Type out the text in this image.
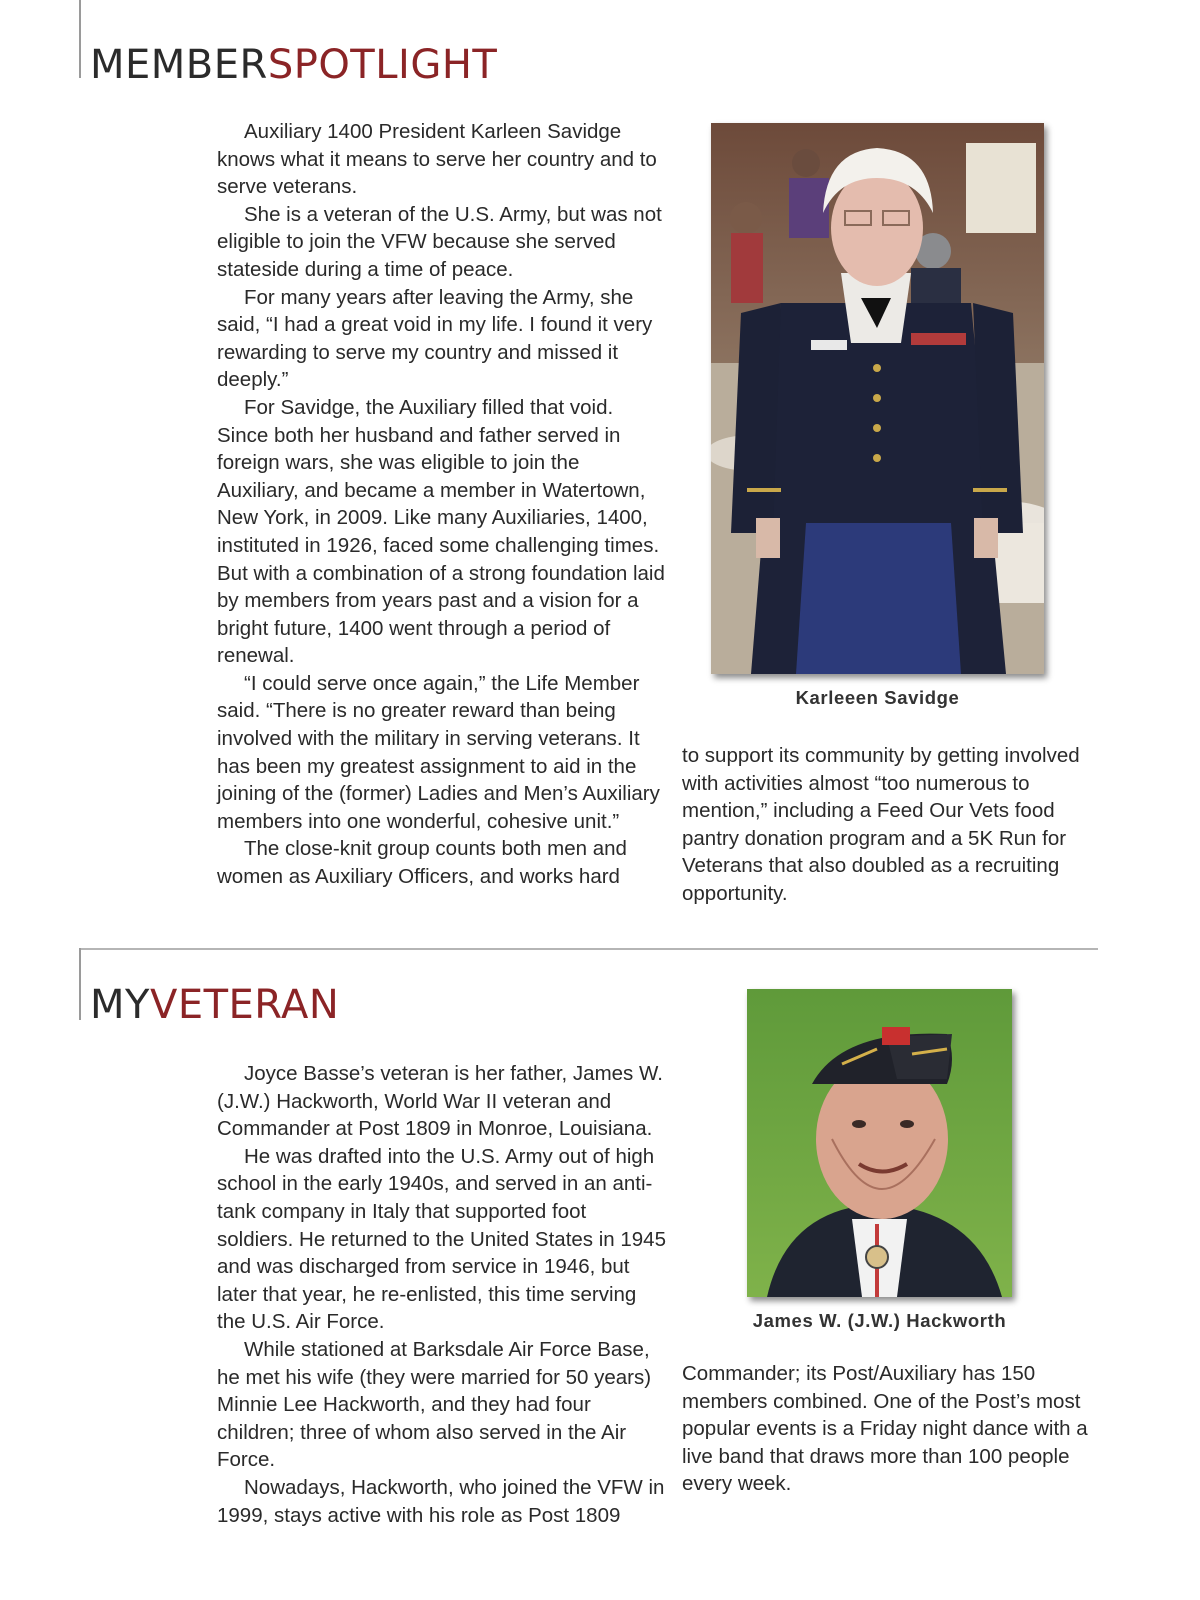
MEMBERSPOTLIGHT

Auxiliary 1400 President Karleen Savidge knows what it means to serve her country and to serve veterans.

She is a veteran of the U.S. Army, but was not eligible to join the VFW because she served stateside during a time of peace.

For many years after leaving the Army, she said, “I had a great void in my life. I found it very rewarding to serve my country and missed it deeply.”

For Savidge, the Auxiliary filled that void. Since both her husband and father served in foreign wars, she was eligible to join the Auxiliary, and became a member in Watertown, New York, in 2009. Like many Auxiliaries, 1400, instituted in 1926, faced some challenging times. But with a combination of a strong foundation laid by members from years past and a vision for a bright future, 1400 went through a period of renewal.

“I could serve once again,” the Life Member said. “There is no greater reward than being involved with the military in serving veterans. It has been my greatest assignment to aid in the joining of the (former) Ladies and Men’s Auxiliary members into one wonderful, cohesive unit.”

The close-knit group counts both men and women as Auxiliary Officers, and works hard

Karleeen Savidge

to support its community by getting involved with activities almost “too numerous to mention,” including a Feed Our Vets food pantry donation program and a 5K Run for Veterans that also doubled as a recruiting opportunity.

MYVETERAN

Joyce Basse’s veteran is her father, James W. (J.W.) Hackworth, World War II veteran and Commander at Post 1809 in Monroe, Louisiana.

He was drafted into the U.S. Army out of high school in the early 1940s, and served in an anti-tank company in Italy that supported foot soldiers. He returned to the United States in 1945 and was discharged from service in 1946, but later that year, he re-enlisted, this time serving the U.S. Air Force.

While stationed at Barksdale Air Force Base, he met his wife (they were married for 50 years) Minnie Lee Hackworth, and they had four children; three of whom also served in the Air Force.

Nowadays, Hackworth, who joined the VFW in 1999, stays active with his role as Post 1809

James W. (J.W.) Hackworth

Commander; its Post/Auxiliary has 150 members combined. One of the Post’s most popular events is a Friday night dance with a live band that draws more than 100 people every week.
